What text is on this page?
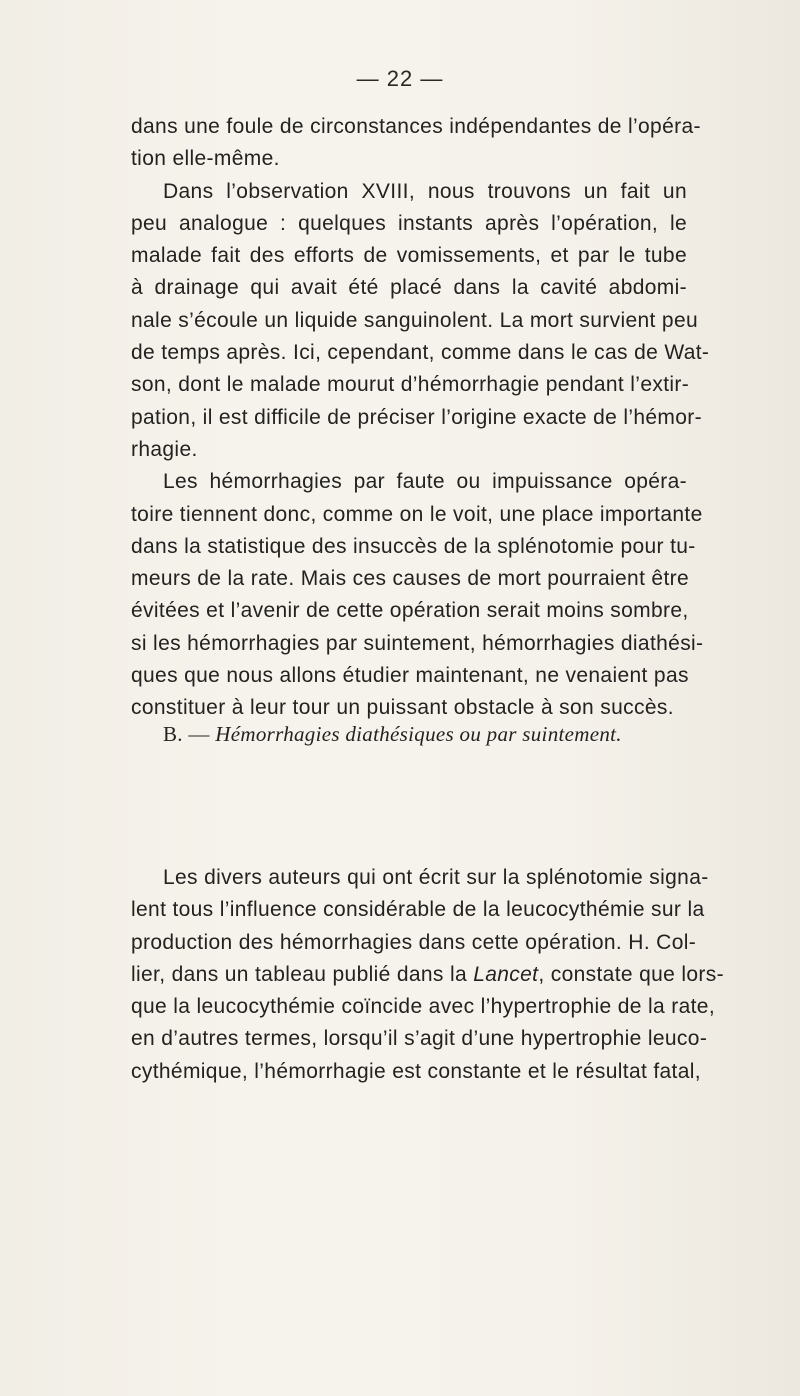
— 22 —
dans une foule de circonstances indépendantes de l’opéra-
tion elle-même.
Dans l’observation XVIII, nous trouvons un fait un
peu analogue : quelques instants après l’opération, le
malade fait des efforts de vomissements, et par le tube
à drainage qui avait été placé dans la cavité abdomi-
nale s’écoule un liquide sanguinolent. La mort survient peu
de temps après. Ici, cependant, comme dans le cas de Wat-
son, dont le malade mourut d’hémorrhagie pendant l’extir-
pation, il est difficile de préciser l’origine exacte de l’hémor-
rhagie.
Les hémorrhagies par faute ou impuissance opéra-
toire tiennent donc, comme on le voit, une place importante
dans la statistique des insuccès de la splénotomie pour tu-
meurs de la rate. Mais ces causes de mort pourraient être
évitées et l’avenir de cette opération serait moins sombre,
si les hémorrhagies par suintement, hémorrhagies diathési-
ques que nous allons étudier maintenant, ne venaient pas
constituer à leur tour un puissant obstacle à son succès.
B. — Hémorrhagies diathésiques ou par suintement.
Les divers auteurs qui ont écrit sur la splénotomie signa-
lent tous l’influence considérable de la leucocythémie sur la
production des hémorrhagies dans cette opération. H. Col-
lier, dans un tableau publié dans la Lancet, constate que lors-
que la leucocythémie coïncide avec l’hypertrophie de la rate,
en d’autres termes, lorsqu’il s’agit d’une hypertrophie leuco-
cythémique, l’hémorrhagie est constante et le résultat fatal,
